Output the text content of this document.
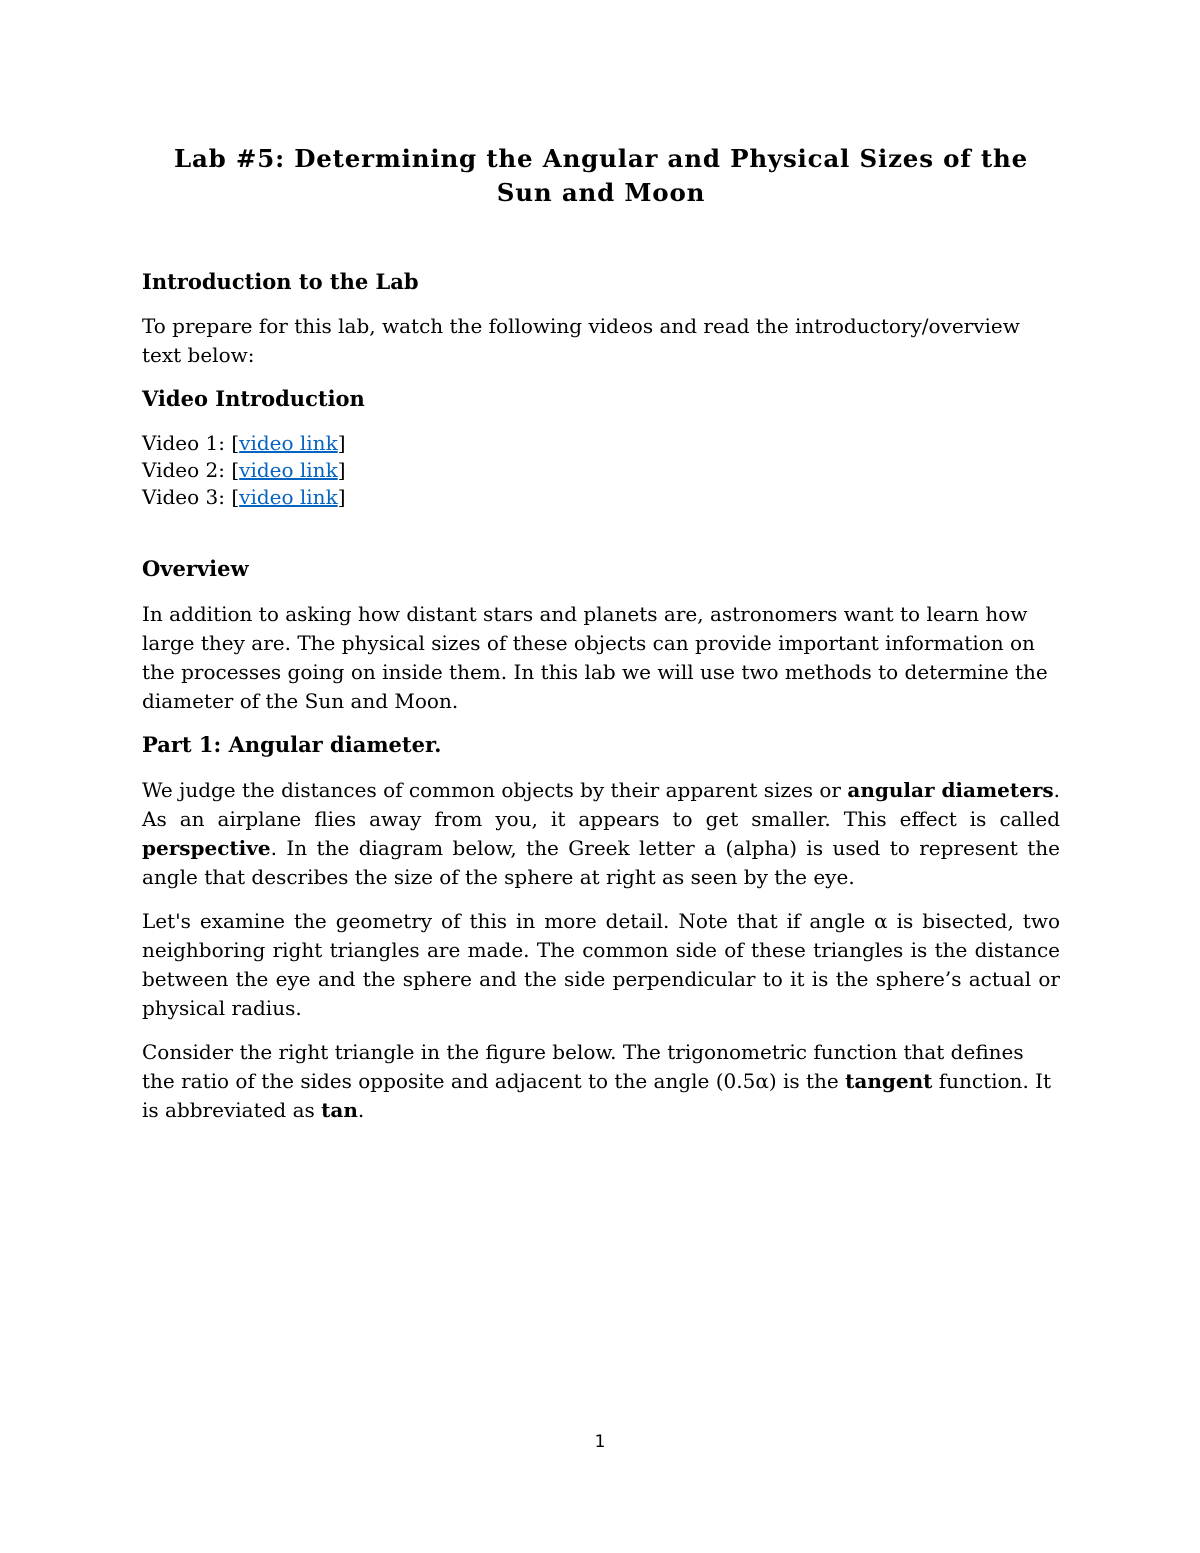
Lab #5: Determining the Angular and Physical Sizes of the Sun and Moon
Introduction to the Lab

To prepare for this lab, watch the following videos and read the introductory/overview text below:

Video Introduction
Video 1: [video link]
Video 2: [video link]
Video 3: [video link]
Overview

In addition to asking how distant stars and planets are, astronomers want to learn how large they are. The physical sizes of these objects can provide important information on the processes going on inside them. In this lab we will use two methods to determine the diameter of the Sun and Moon.

Part 1: Angular diameter.

We judge the distances of common objects by their apparent sizes or angular diameters. As an airplane flies away from you, it appears to get smaller. This effect is called perspective. In the diagram below, the Greek letter a (alpha) is used to represent the angle that describes the size of the sphere at right as seen by the eye.

Let's examine the geometry of this in more detail. Note that if angle α is bisected, two neighboring right triangles are made. The common side of these triangles is the distance between the eye and the sphere and the side perpendicular to it is the sphere’s actual or physical radius.

Consider the right triangle in the figure below. The trigonometric function that defines the ratio of the sides opposite and adjacent to the angle (0.5α) is the tangent function. It is abbreviated as tan.

1
